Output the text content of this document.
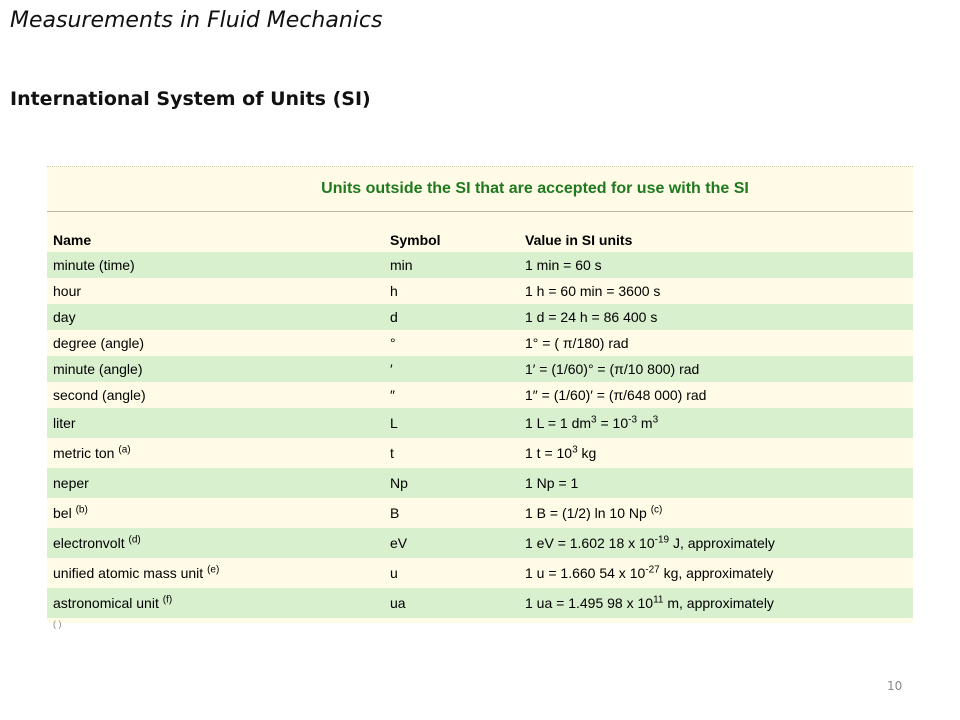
Measurements in Fluid Mechanics
International System of Units (SI)
Units outside the SI that are accepted for use with the SI		
Name	Symbol	Value in SI units
minute (time)	min	1 min = 60 s
hour	h	1 h = 60 min = 3600 s
day	d	1 d = 24 h = 86 400 s
degree (angle)	°	1° = ( π/180) rad
minute (angle)	′	1′ = (1/60)° = (π/10 800) rad
second (angle)	″	1″ = (1/60)′ = (π/648 000) rad
liter	L	1 L = 1 $dm^3 = 10^{-3}$ $m^3$
metric ton $^{(a)}$	t	1 $t = 10^3$ kg
neper	Np	1 Np = 1
bel $^{(b)}$	B	1 B = (1/2) ln 10 Np $^{(c)}$
electronvolt $^{(d)}$	eV	1 eV = 1.602 18 x $10^{-19}$ J, approximately
unified atomic mass unit $^{(e)}$	u	1 u = 1.660 54 x $10^{-27}$ kg, approximately
astronomical unit $^{(f)}$	ua	1 ua = 1.495 98 x $10^{11}$ m, approximately
( )		
10
